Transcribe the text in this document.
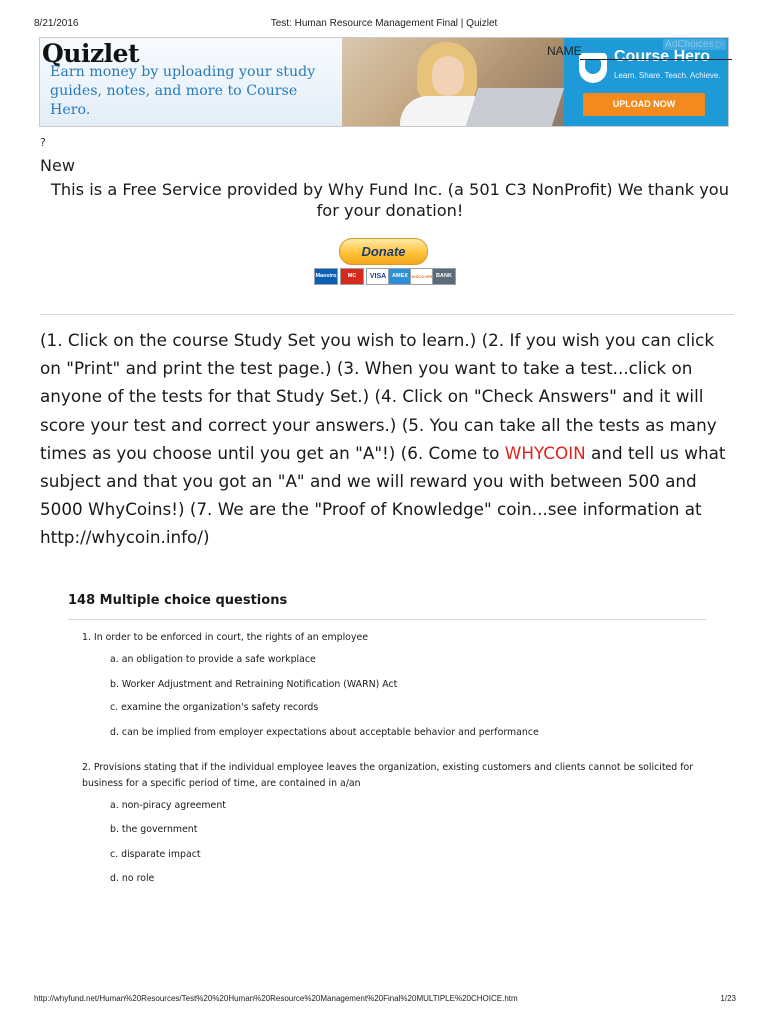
8/21/2016	Test: Human Resource Management Final | Quizlet
Quizlet
Earn money by uploading your study guides, notes, and more to Course Hero.
Course Hero
Learn. Share. Teach. Achieve.
UPLOAD NOW
AdChoices ▷
NAME
?
New
This is a Free Service provided by Why Fund Inc. (a 501 C3 NonProfit) We thank you for your donation!
Donate
Maestro	MC	VISA	AMEX DISCOVER BANK
(1. Click on the course Study Set you wish to learn.) (2. If you wish you can click on "Print" and print the test page.) (3. When you want to take a test...click on anyone of the tests for that Study Set.) (4. Click on "Check Answers" and it will score your test and correct your answers.) (5. You can take all the tests as many times as you choose until you get an "A"!) (6. Come to WHYCOIN and tell us what subject and that you got an "A" and we will reward you with between 500 and 5000 WhyCoins!) (7. We are the "Proof of Knowledge" coin...see information at http://whycoin.info/)
148 Multiple choice questions
1. In order to be enforced in court, the rights of an employee
a. an obligation to provide a safe workplace
b. Worker Adjustment and Retraining Notification (WARN) Act
c. examine the organization's safety records
d. can be implied from employer expectations about acceptable behavior and performance
2. Provisions stating that if the individual employee leaves the organization, existing customers and clients cannot be solicited for business for a specific period of time, are contained in a/an
a. non-piracy agreement
b. the government
c. disparate impact
d. no role
http://whyfund.net/Human%20Resources/Test%20%20Human%20Resource%20Management%20Final%20MULTIPLE%20CHOICE.htm	1/23
